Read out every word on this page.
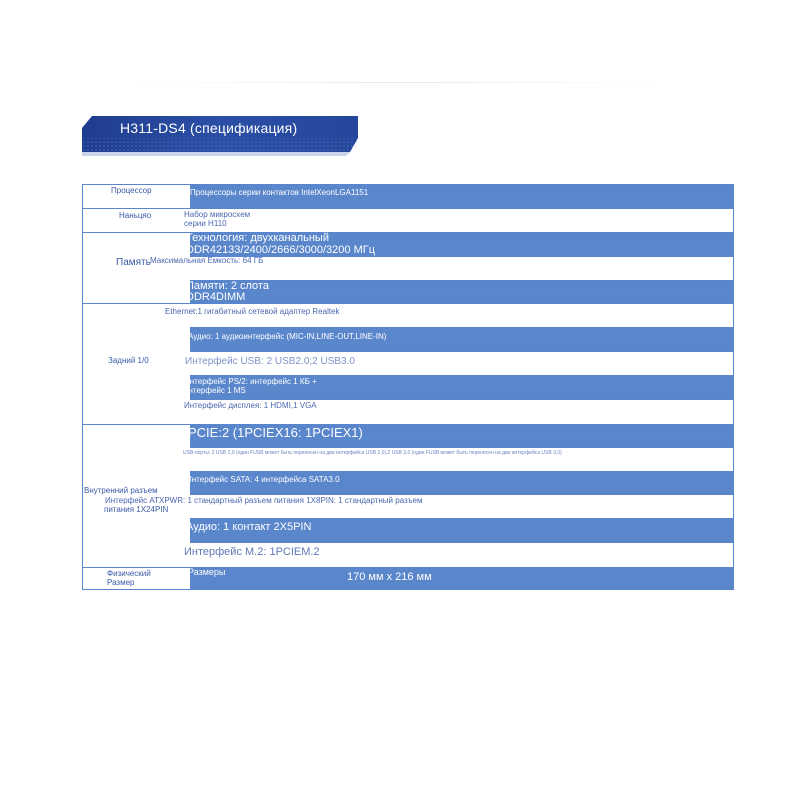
H311-DS4 (спецификация)
Процессор
Наньцяо
Память
Задний 1/0
Внутренний разъем
питания 1X24PIN
Физический
Размер
Процессоры серии контактов IntelXeonLGA1151
Набор микросхем
серии H110
Технология: двухканальный
DDR42133/2400/2666/3000/3200 МГц
Максимальная Емкость: 64 ГБ
Памяти: 2 слота
DDR4DIMM
Ethernet:1 гигабитный сетевой адаптер Realtek
Аудио: 1 аудиоинтерфейс (MIC-IN,LINE-OUT,LINE-IN)
Интерфейс USB: 2 USB2.0;2 USB3.0
Интерфейс PS/2: интерфейс 1 КБ +
интерфейс 1 MS
Интерфейс дисплея: 1 HDMI,1 VGA
PCIE:2 (1PCIEX16: 1PCIEX1)
USB-порты: 2 USB 2,0 (один FUSB может быть перенесен на два интерфейса USB 2,0),2 USB 3,0 (один FUSB может быть перенесен на два интерфейса USB 3,0)
Интерфейс SATA: 4 интерфейса SATA3.0
Интерфейс ATXPWR: 1 стандартный разъем питания 1X8PIN: 1 стандартный разъем
Аудио: 1 контакт 2X5PIN
Интерфейс М.2: 1PCIEM.2
Размеры	170 мм x 216 мм
